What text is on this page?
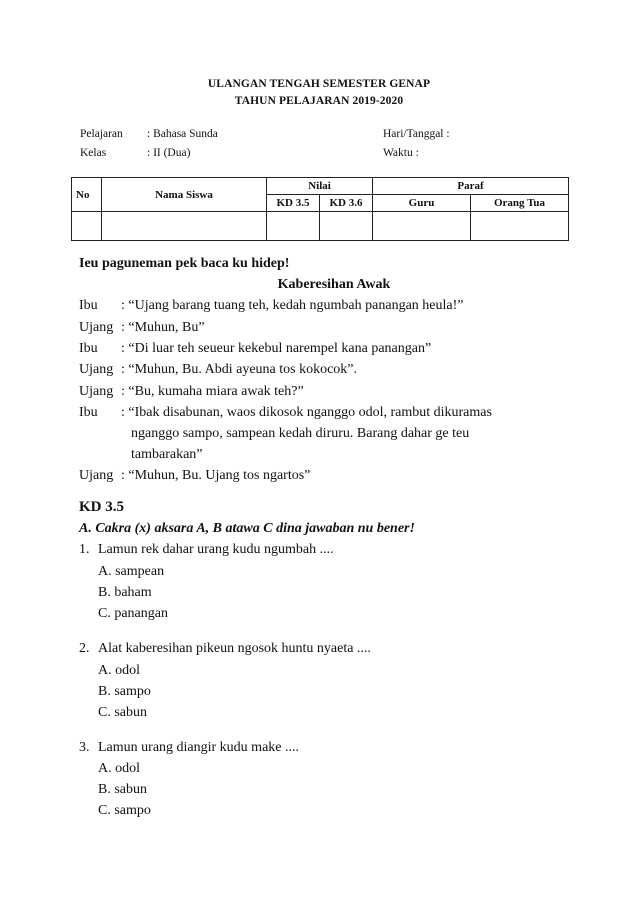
ULANGAN TENGAH SEMESTER GENAP
TAHUN PELAJARAN 2019-2020
Pelajaran : Bahasa Sunda	Hari/Tanggal :
Kelas	: II (Dua)	Waktu :
No	Nama Siswa	Nilai		Paraf	
		KD 3.5	KD 3.6	Guru	Orang Tua

Ieu paguneman pek baca ku hidep!
Kaberesihan Awak
Ibu : “Ujang barang tuang teh, kedah ngumbah panangan heula!”
Ujang : “Muhun, Bu”
Ibu : “Di luar teh seueur kekebul narempel kana panangan”
Ujang : “Muhun, Bu. Abdi ayeuna tos kokocok”.
Ujang : “Bu, kumaha miara awak teh?”
Ibu : “Ibak disabunan, waos dikosok nganggo odol, rambut dikuramas
nganggo sampo, sampean kedah diruru. Barang dahar ge teu
tambarakan”
Ujang : “Muhun, Bu. Ujang tos ngartos”
KD 3.5
A. Cakra (x) aksara A, B atawa C dina jawaban nu bener!
1. Lamun rek dahar urang kudu ngumbah ....
A. sampean
B. baham
C. panangan
2. Alat kaberesihan pikeun ngosok huntu nyaeta ....
A. odol
B. sampo
C. sabun
3. Lamun urang diangir kudu make ....
A. odol
B. sabun
C. sampo
